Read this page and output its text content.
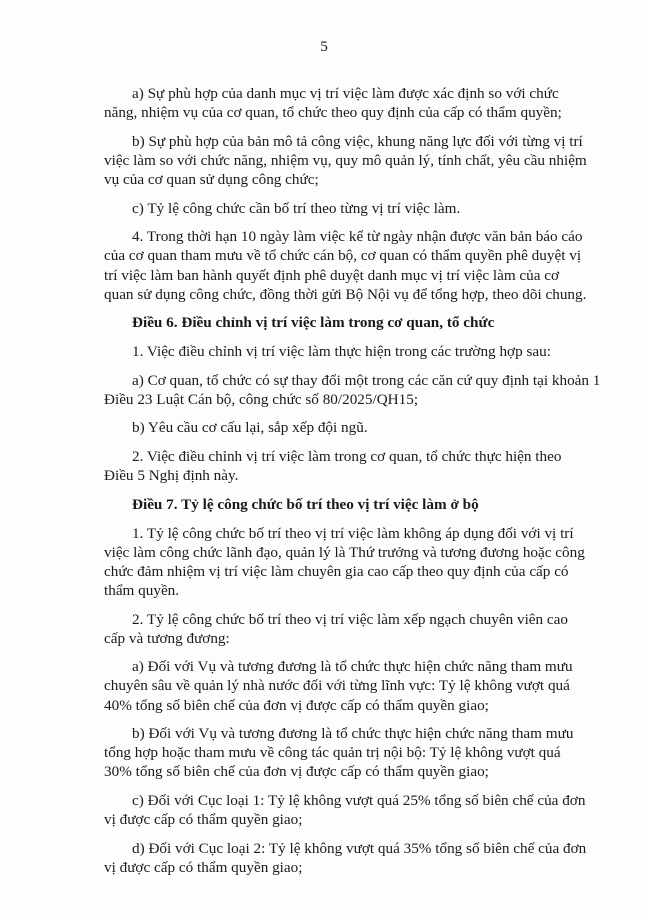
5
a) Sự phù hợp của danh mục vị trí việc làm được xác định so với chức
năng, nhiệm vụ của cơ quan, tổ chức theo quy định của cấp có thẩm quyền;
b) Sự phù hợp của bản mô tả công việc, khung năng lực đối với từng vị trí
việc làm so với chức năng, nhiệm vụ, quy mô quản lý, tính chất, yêu cầu nhiệm
vụ của cơ quan sử dụng công chức;
c) Tỷ lệ công chức cần bố trí theo từng vị trí việc làm.
4. Trong thời hạn 10 ngày làm việc kể từ ngày nhận được văn bản báo cáo
của cơ quan tham mưu về tổ chức cán bộ, cơ quan có thẩm quyền phê duyệt vị
trí việc làm ban hành quyết định phê duyệt danh mục vị trí việc làm của cơ
quan sử dụng công chức, đồng thời gửi Bộ Nội vụ để tổng hợp, theo dõi chung.
Điều 6. Điều chỉnh vị trí việc làm trong cơ quan, tổ chức
1. Việc điều chỉnh vị trí việc làm thực hiện trong các trường hợp sau:
a) Cơ quan, tổ chức có sự thay đổi một trong các căn cứ quy định tại khoản 1
Điều 23 Luật Cán bộ, công chức số 80/2025/QH15;
b) Yêu cầu cơ cấu lại, sắp xếp đội ngũ.
2. Việc điều chỉnh vị trí việc làm trong cơ quan, tổ chức thực hiện theo
Điều 5 Nghị định này.
Điều 7. Tỷ lệ công chức bố trí theo vị trí việc làm ở bộ
1. Tỷ lệ công chức bố trí theo vị trí việc làm không áp dụng đối với vị trí
việc làm công chức lãnh đạo, quản lý là Thứ trưởng và tương đương hoặc công
chức đảm nhiệm vị trí việc làm chuyên gia cao cấp theo quy định của cấp có
thẩm quyền.
2. Tỷ lệ công chức bố trí theo vị trí việc làm xếp ngạch chuyên viên cao
cấp và tương đương:
a) Đối với Vụ và tương đương là tổ chức thực hiện chức năng tham mưu
chuyên sâu về quản lý nhà nước đối với từng lĩnh vực: Tỷ lệ không vượt quá
40% tổng số biên chế của đơn vị được cấp có thẩm quyền giao;
b) Đối với Vụ và tương đương là tổ chức thực hiện chức năng tham mưu
tổng hợp hoặc tham mưu về công tác quản trị nội bộ: Tỷ lệ không vượt quá
30% tổng số biên chế của đơn vị được cấp có thẩm quyền giao;
c) Đối với Cục loại 1: Tỷ lệ không vượt quá 25% tổng số biên chế của đơn
vị được cấp có thẩm quyền giao;
d) Đối với Cục loại 2: Tỷ lệ không vượt quá 35% tổng số biên chế của đơn
vị được cấp có thẩm quyền giao;
